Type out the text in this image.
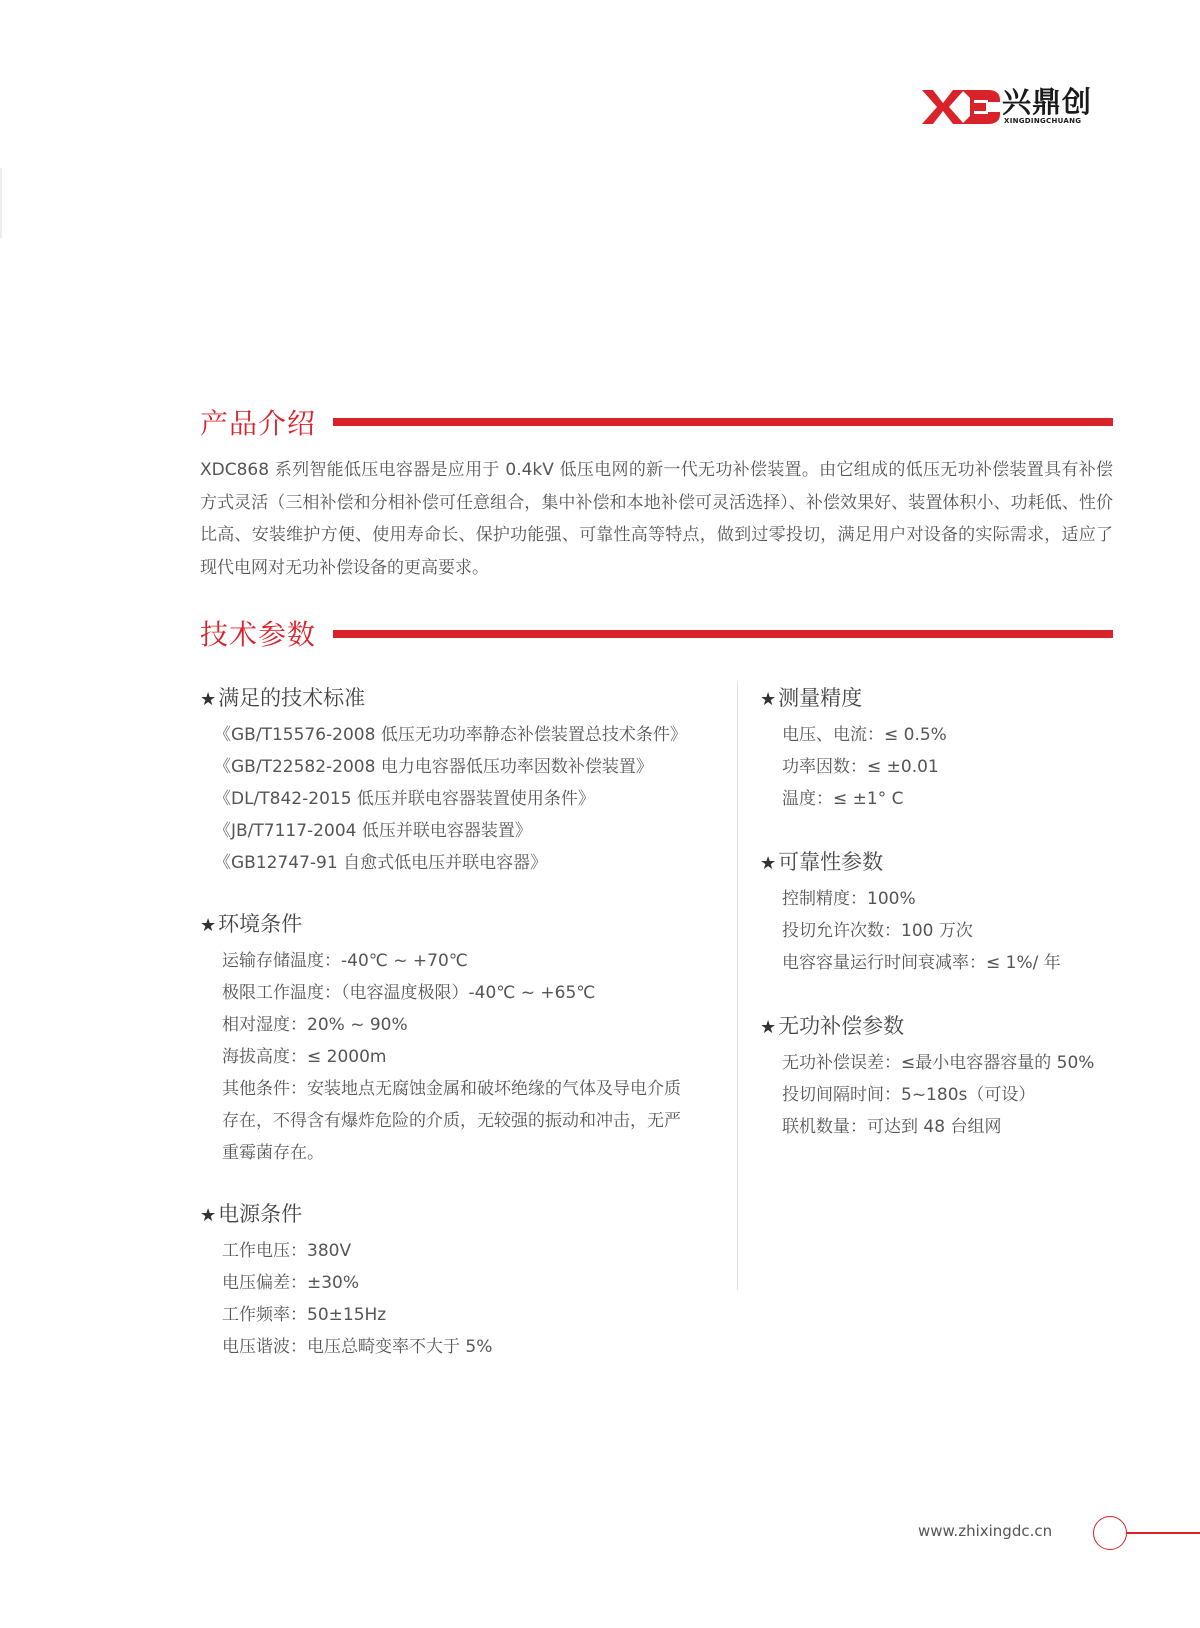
兴鼎创
XINGDINGCHUANG
产品介绍
XDC868 系列智能低压电容器是应用于 0.4kV 低压电网的新一代无功补偿装置。由它组成的低压无功补偿装置具有补偿方式灵活（三相补偿和分相补偿可任意组合，集中补偿和本地补偿可灵活选择）、补偿效果好、装置体积小、功耗低、性价比高、安装维护方便、使用寿命长、保护功能强、可靠性高等特点，做到过零投切，满足用户对设备的实际需求，适应了现代电网对无功补偿设备的更高要求。
技术参数
★满足的技术标准
《GB/T15576-2008 低压无功功率静态补偿装置总技术条件》
《GB/T22582-2008 电力电容器低压功率因数补偿装置》
《DL/T842-2015 低压并联电容器装置使用条件》
《JB/T7117-2004 低压并联电容器装置》
《GB12747-91 自愈式低电压并联电容器》
★环境条件
运输存储温度：-40℃ ~ +70℃
极限工作温度：（电容温度极限）-40℃ ~ +65℃
相对湿度：20% ~ 90%
海拔高度：≤ 2000m
其他条件：安装地点无腐蚀金属和破坏绝缘的气体及导电介质存在，不得含有爆炸危险的介质，无较强的振动和冲击，无严重霉菌存在。
★电源条件
工作电压：380V
电压偏差：±30%
工作频率：50±15Hz
电压谐波：电压总畸变率不大于 5%
★测量精度
电压、电流：≤ 0.5%
功率因数：≤ ±0.01
温度：≤ ±1° C
★可靠性参数
控制精度：100%
投切允许次数：100 万次
电容容量运行时间衰减率：≤ 1%/ 年
★无功补偿参数
无功补偿误差：≤最小电容器容量的 50%
投切间隔时间：5~180s（可设）
联机数量：可达到 48 台组网
www.zhixingdc.cn
